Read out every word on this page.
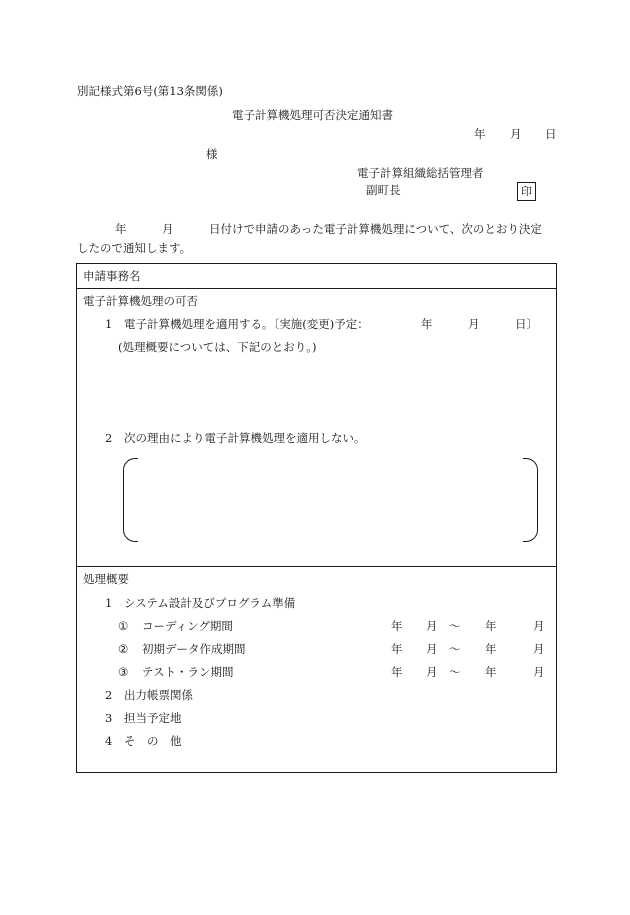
別記様式第6号(第13条関係)
電子計算機処理可否決定通知書
年 月 日
様
電子計算組織総括管理者
副町長	印
年	月	日付けで申請のあった電子計算機処理について、次のとおり決定
したので通知します。
申請事務名
電子計算機処理の可否
1 電子計算機処理を適用する。〔実施(変更)予定：	年	月	日〕
(処理概要については、下記のとおり。)
2 次の理由により電子計算機処理を適用しない。
処理概要
1 システム設計及びプログラム準備
① コーディング期間	年 月 ～ 年	月
② 初期データ作成期間	年 月 ～ 年	月
③ テスト・ラン期間	年 月 ～ 年	月
2 出力帳票関係
3 担当予定地
4 そ　の　他
